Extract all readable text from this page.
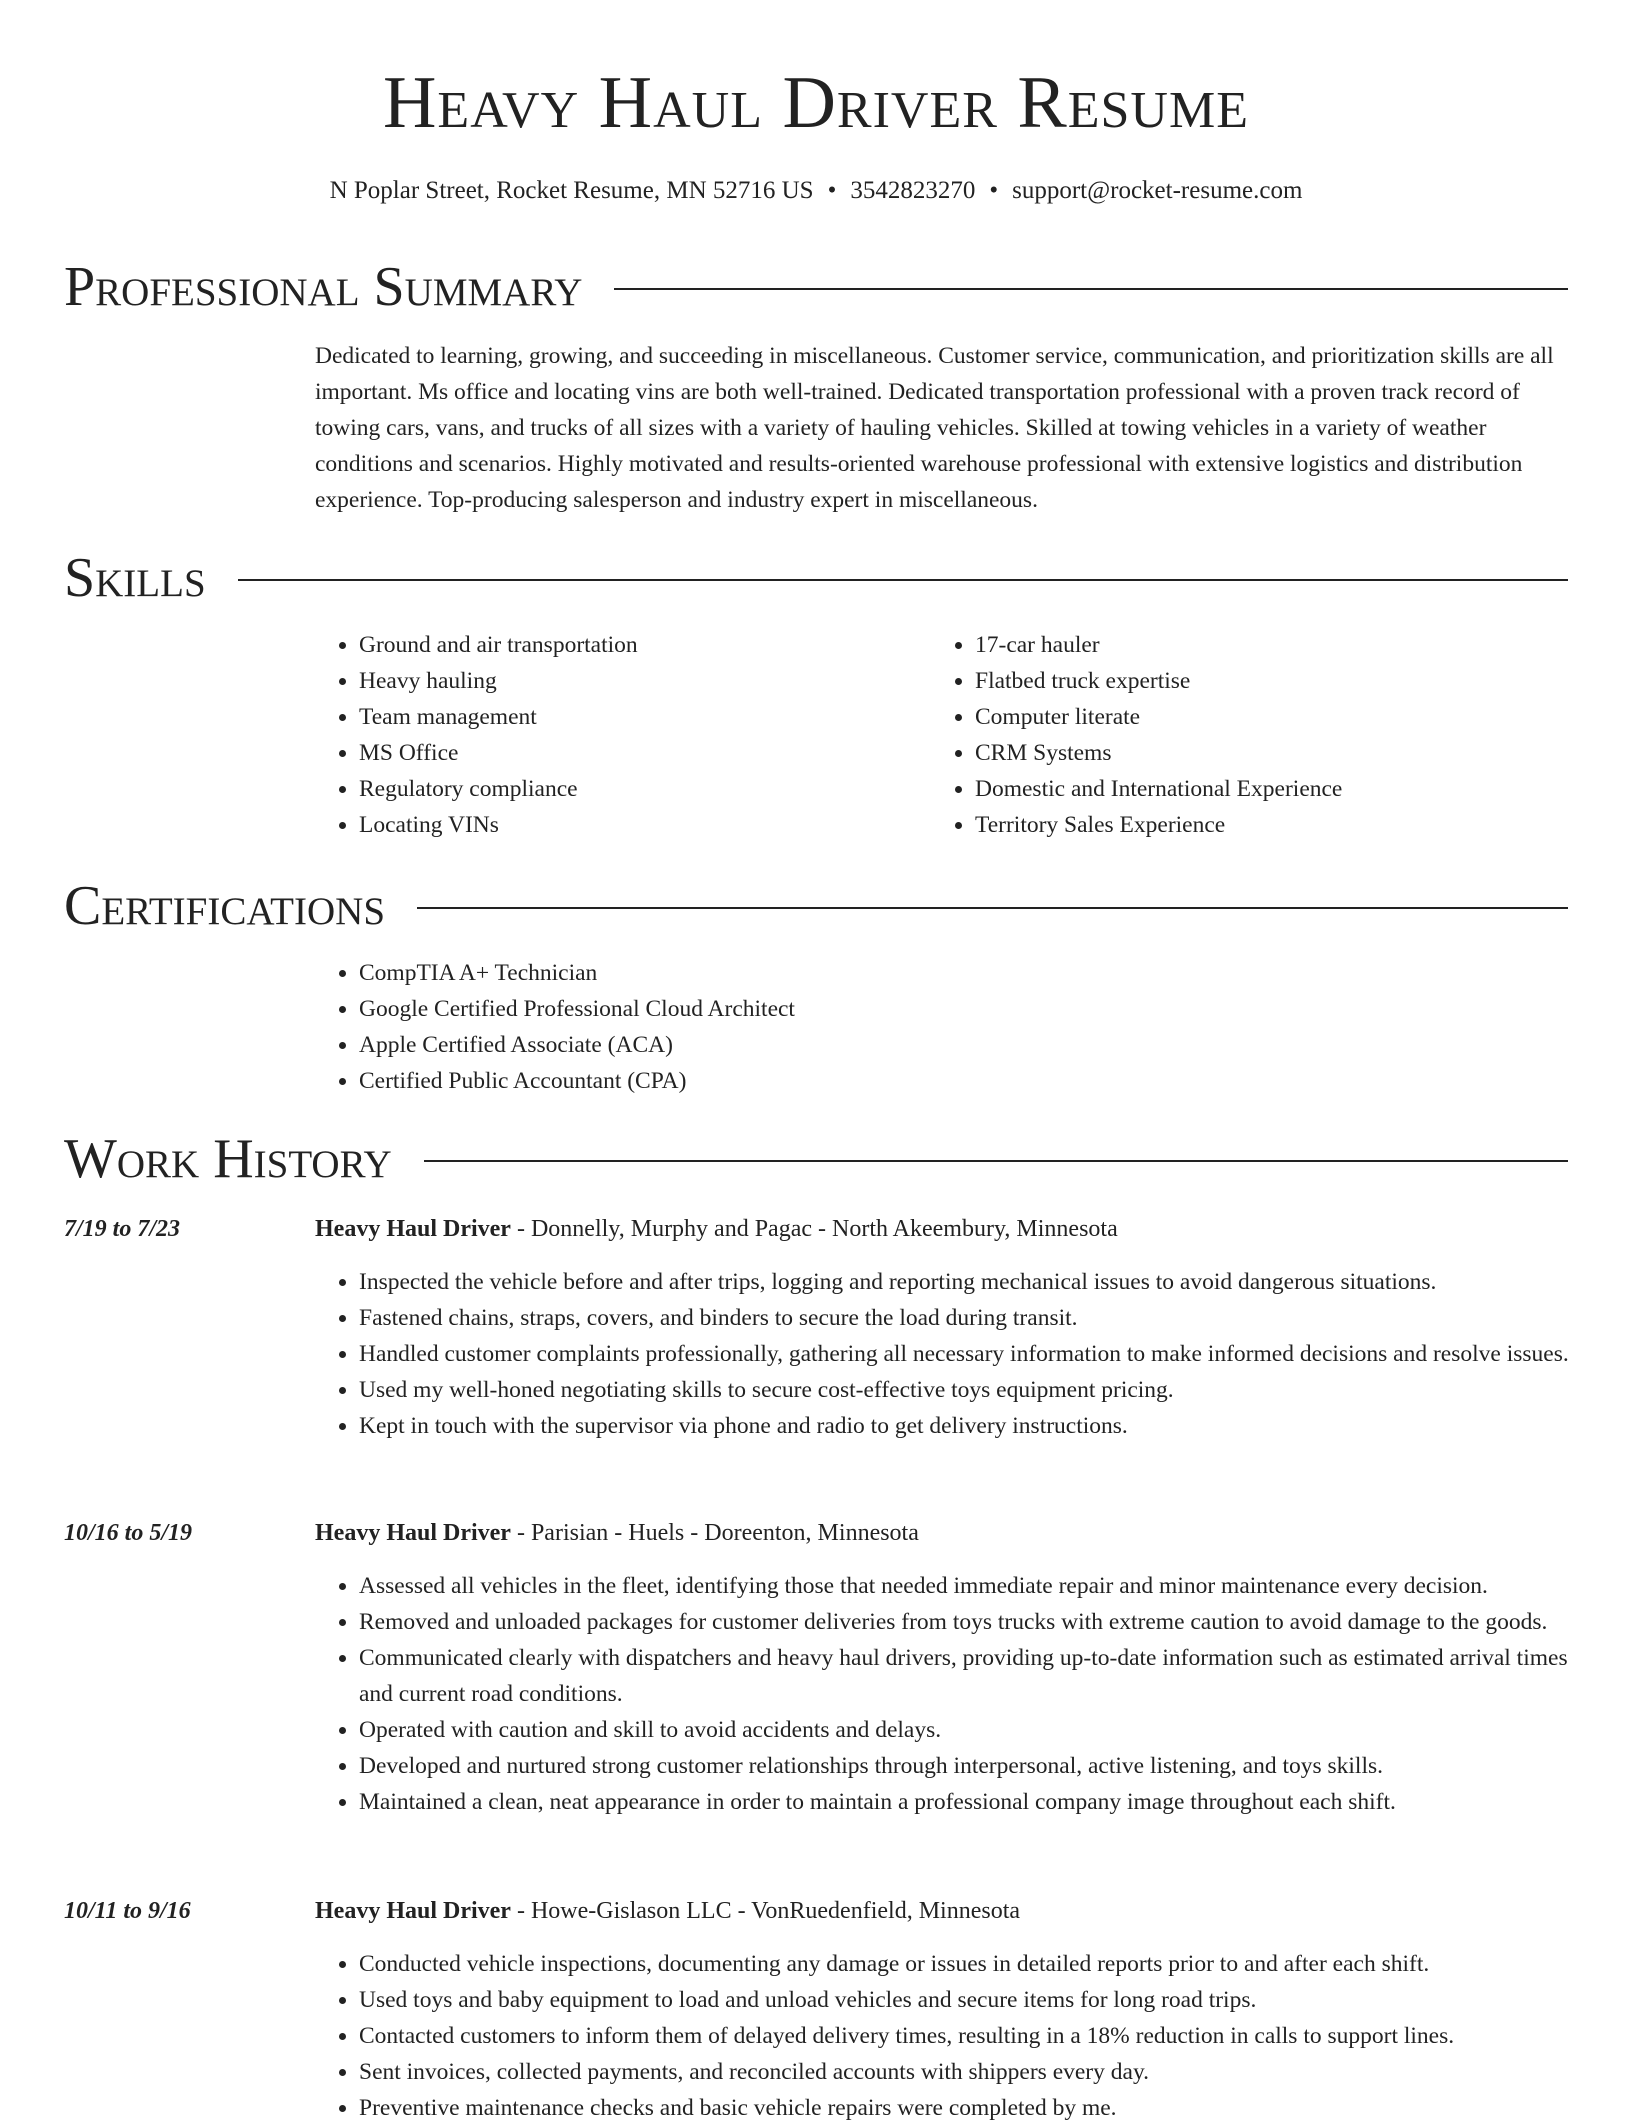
Heavy Haul Driver Resume
N Poplar Street, Rocket Resume, MN 52716 US • 3542823270 • support@rocket-resume.com
Professional Summary

Dedicated to learning, growing, and succeeding in miscellaneous. Customer service, communication, and prioritization skills are all important. Ms office and locating vins are both well-trained. Dedicated transportation professional with a proven track record of towing cars, vans, and trucks of all sizes with a variety of hauling vehicles. Skilled at towing vehicles in a variety of weather conditions and scenarios. Highly motivated and results-oriented warehouse professional with extensive logistics and distribution experience. Top-producing salesperson and industry expert in miscellaneous.

Skills
• Ground and air transportation
• Heavy hauling
• Team management
• MS Office
• Regulatory compliance
• Locating VINs
• 17-car hauler
• Flatbed truck expertise
• Computer literate
• CRM Systems
• Domestic and International Experience
• Territory Sales Experience
Certifications
• CompTIA A+ Technician
• Google Certified Professional Cloud Architect
• Apple Certified Associate (ACA)
• Certified Public Accountant (CPA)
Work History
7/19 to 7/23	Heavy Haul Driver - Donnelly, Murphy and Pagac - North Akeembury, Minnesota
• Inspected the vehicle before and after trips, logging and reporting mechanical issues to avoid dangerous situations.
• Fastened chains, straps, covers, and binders to secure the load during transit.
• Handled customer complaints professionally, gathering all necessary information to make informed decisions and resolve issues.
• Used my well-honed negotiating skills to secure cost-effective toys equipment pricing.
• Kept in touch with the supervisor via phone and radio to get delivery instructions.
10/16 to 5/19	Heavy Haul Driver - Parisian - Huels - Doreenton, Minnesota
• Assessed all vehicles in the fleet, identifying those that needed immediate repair and minor maintenance every decision.
• Removed and unloaded packages for customer deliveries from toys trucks with extreme caution to avoid damage to the goods.
• Communicated clearly with dispatchers and heavy haul drivers, providing up-to-date information such as estimated arrival times and current road conditions.
• Operated with caution and skill to avoid accidents and delays.
• Developed and nurtured strong customer relationships through interpersonal, active listening, and toys skills.
• Maintained a clean, neat appearance in order to maintain a professional company image throughout each shift.
10/11 to 9/16	Heavy Haul Driver - Howe-Gislason LLC - VonRuedenfield, Minnesota
• Conducted vehicle inspections, documenting any damage or issues in detailed reports prior to and after each shift.
• Used toys and baby equipment to load and unload vehicles and secure items for long road trips.
• Contacted customers to inform them of delayed delivery times, resulting in a 18% reduction in calls to support lines.
• Sent invoices, collected payments, and reconciled accounts with shippers every day.
• Preventive maintenance checks and basic vehicle repairs were completed by me.
